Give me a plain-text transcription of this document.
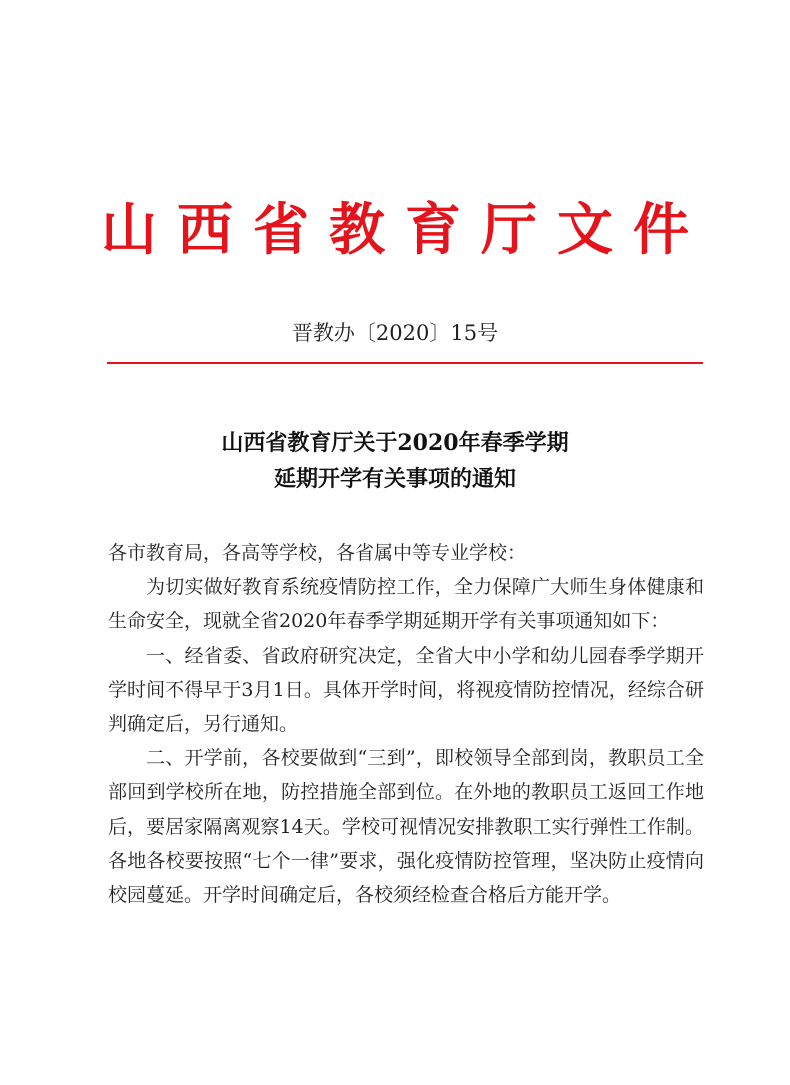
山西省教育厅文件
晋教办〔2020〕15号
山西省教育厅关于2020年春季学期
延期开学有关事项的通知

各市教育局，各高等学校，各省属中等专业学校：

为切实做好教育系统疫情防控工作，全力保障广大师生身体健康和生命安全，现就全省2020年春季学期延期开学有关事项通知如下：

一、经省委、省政府研究决定，全省大中小学和幼儿园春季学期开学时间不得早于3月1日。具体开学时间，将视疫情防控情况，经综合研判确定后，另行通知。

二、开学前，各校要做到“三到”，即校领导全部到岗，教职员工全部回到学校所在地，防控措施全部到位。在外地的教职员工返回工作地后，要居家隔离观察14天。学校可视情况安排教职工实行弹性工作制。各地各校要按照“七个一律”要求，强化疫情防控管理，坚决防止疫情向校园蔓延。开学时间确定后，各校须经检查合格后方能开学。
